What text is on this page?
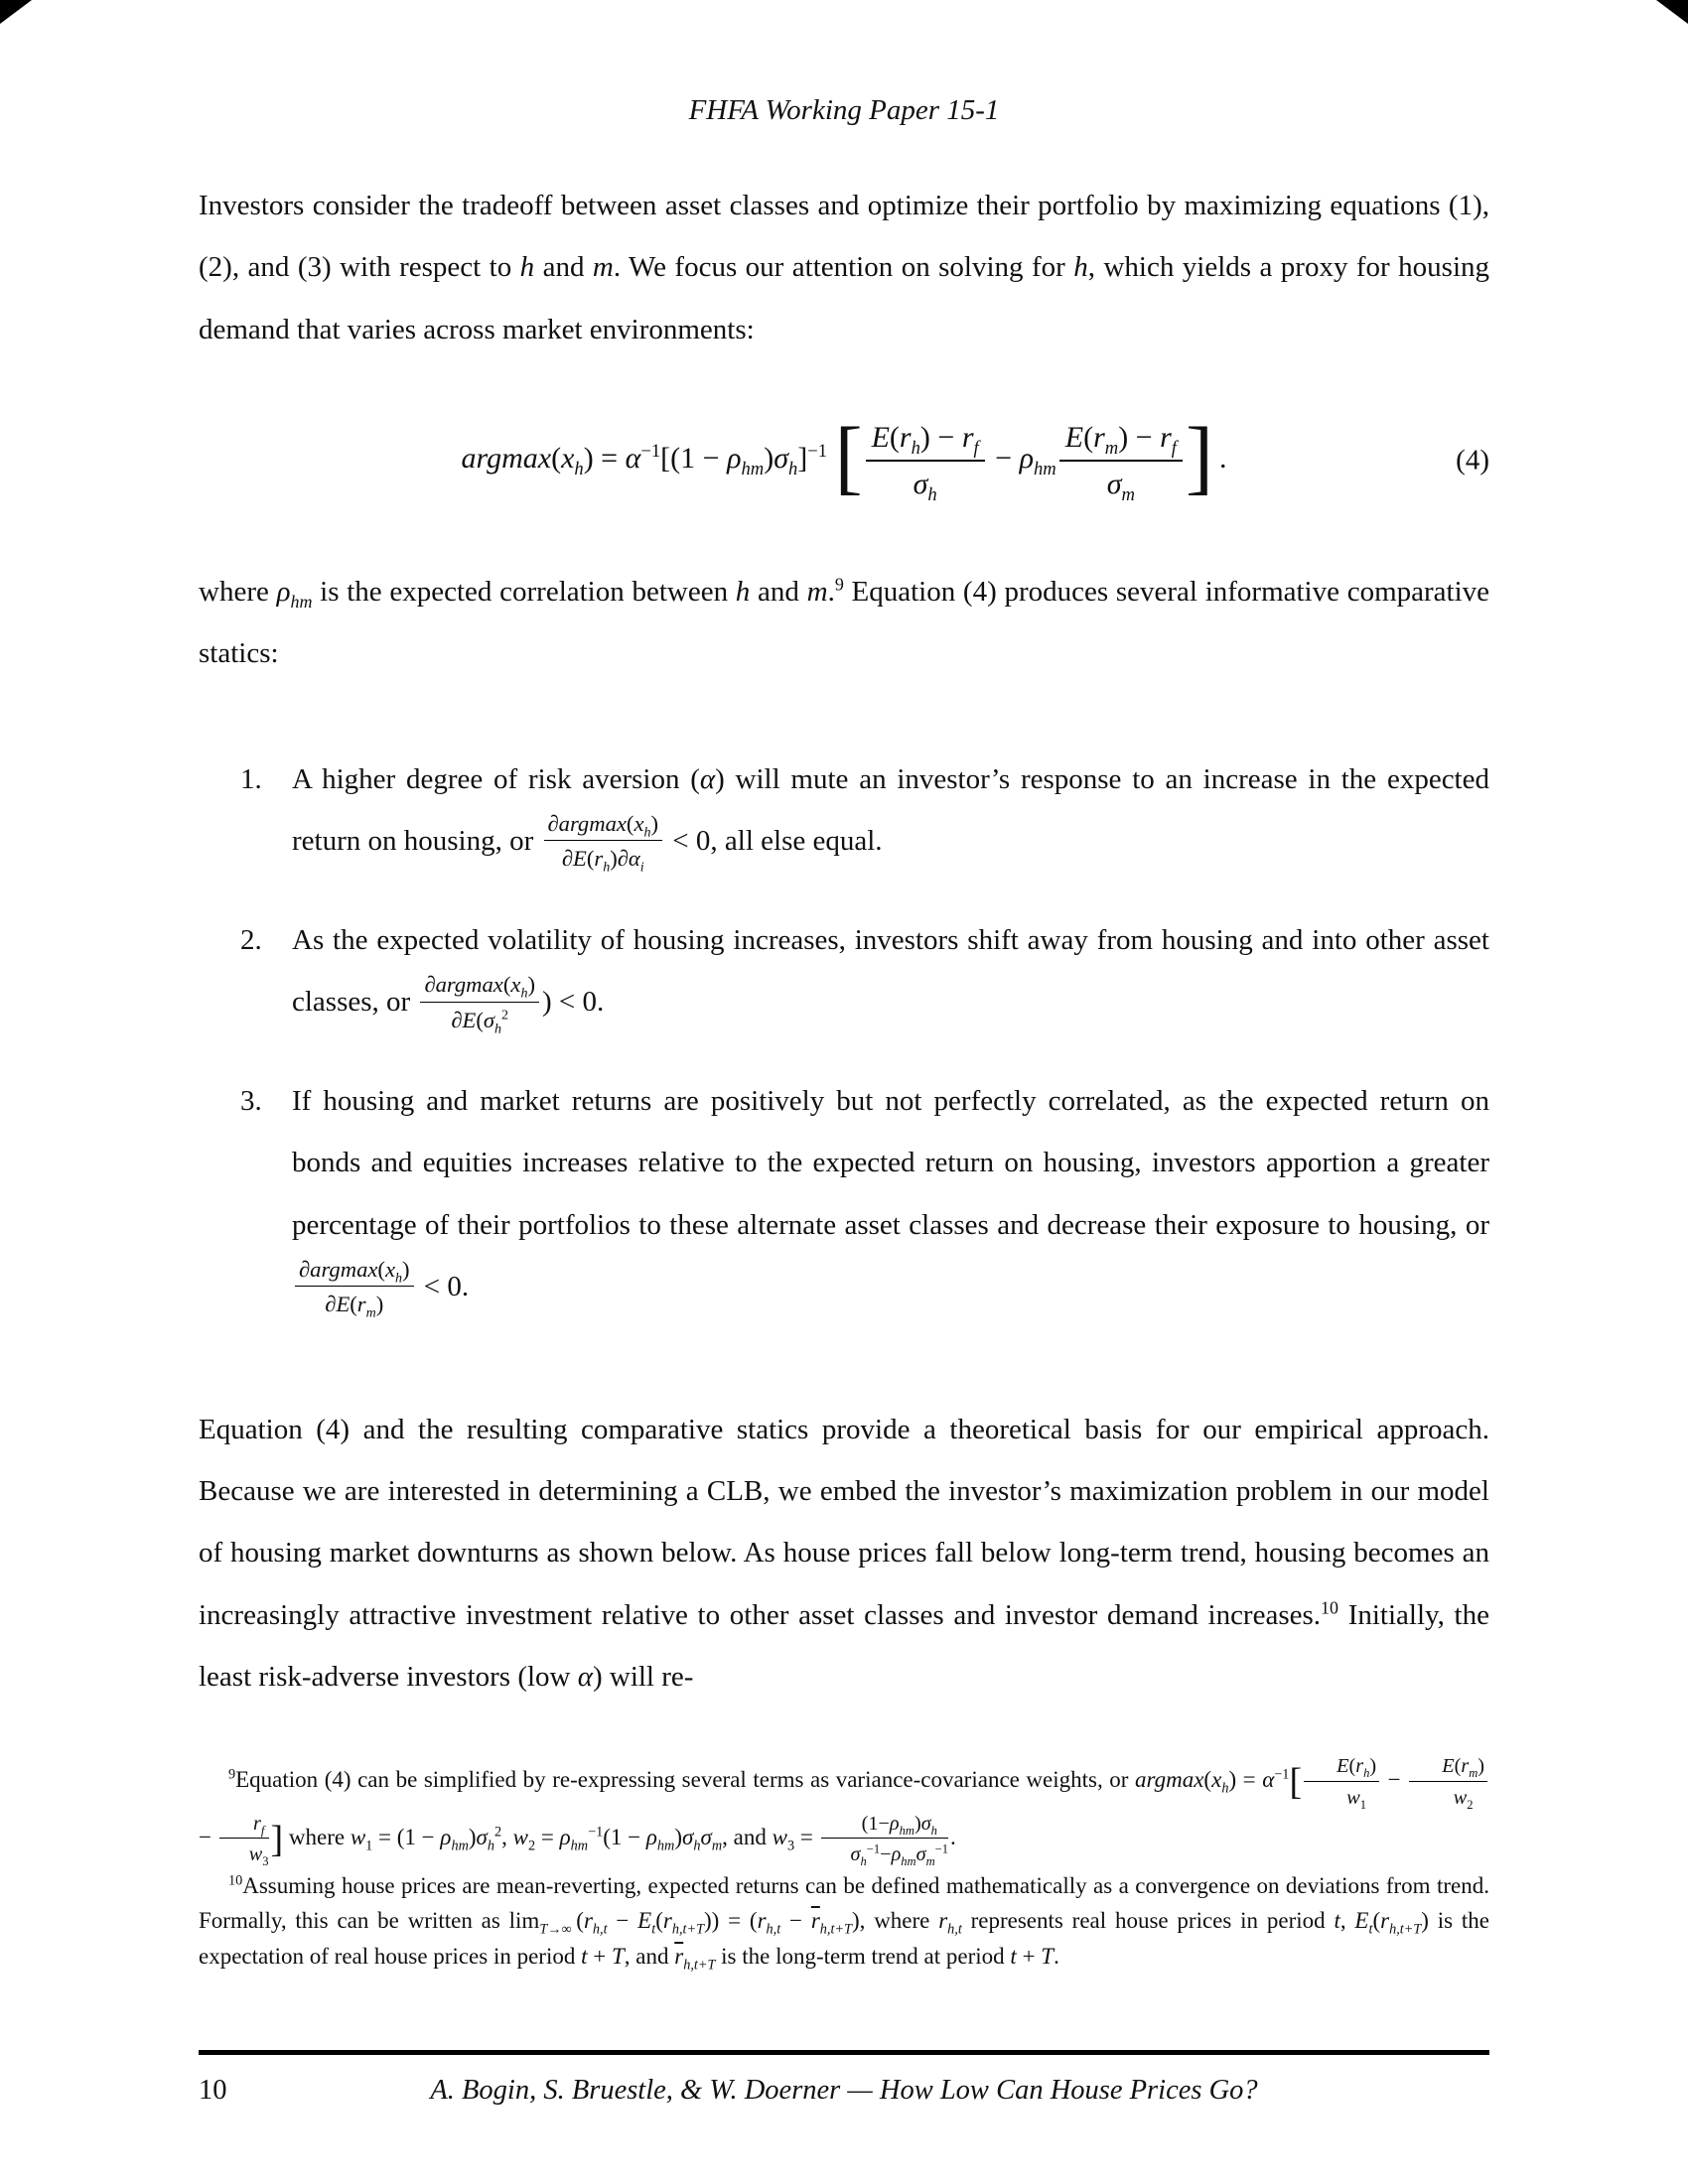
FHFA Working Paper 15-1

Investors consider the tradeoff between asset classes and optimize their portfolio by maximizing equations (1), (2), and (3) with respect to h and m. We focus our attention on solving for h, which yields a proxy for housing demand that varies across market environments:

$argmax(x_h) = \alpha^{-1}[(1 - \rho_{hm})\sigma_h]^{-1}$ [ $\frac{E(r_h) - r_f}{\sigma_h} - \rho_{hm} \frac{E(r_m) - r_f}{\sigma_m}$ ] .	(4)

where $\rho_{hm}$ is the expected correlation between h and m.$^9$ Equation (4) produces several informative comparative statics:

1.	A higher degree of risk aversion (α) will mute an investor’s response to an increase in the expected return on housing, or $\frac{\partial argmax(x_h)}{\partial E(r_h)\partial\alpha_i} < 0$, all else equal.
2.	As the expected volatility of housing increases, investors shift away from housing and into other asset classes, or $\frac{\partial argmax(x_h)}{\partial E(\sigma_h^2}$ ) < 0.
3.	If housing and market returns are positively but not perfectly correlated, as the expected return on bonds and equities increases relative to the expected return on housing, investors apportion a greater percentage of their portfolios to these alternate asset classes and decrease their exposure to housing, or
$\frac{\partial argmax(x_h)}{\partial E(r_m)} < 0$.

Equation (4) and the resulting comparative statics provide a theoretical basis for our empirical approach. Because we are interested in determining a CLB, we embed the investor’s maximization problem in our model of housing market downturns as shown below. As house prices fall below long-term trend, housing becomes an increasingly attractive investment relative to other asset classes and investor demand increases.$^{10}$ Initially, the least risk-adverse investors (low α) will re-

$^9$Equation (4) can be simplified by re-expressing several terms as variance-covariance weights, or $argmax(x_h) = \alpha^{-1}[ \frac{E(r_h)}{w_1} - \frac{E(r_m)}{w_2}$
− $\frac{r_f}{w_3}$ ] where $w_1 = (1 - \rho_{hm})\sigma_h^2$, $w_2 = \rho_{hm}^{-1}(1 - \rho_{hm})\sigma_h\sigma_m$, and $w_3 = \frac{(1-\rho_{hm})\sigma_h}{\sigma_h^{-1}-\rho_{hm}\sigma_m^{-1}}$ .

$^{10}$Assuming house prices are mean-reverting, expected returns can be defined mathematically as a convergence on deviations from trend. Formally, this can be written as $\lim_{T\to\infty} (r_{h,t} - E_t(r_{h,t+T})) = (r_{h,t} - \overline{r}_{h,t+T})$, where $r_{h,t}$ represents real house prices in period t, $E_t(r_{h,t+T})$ is the expectation of real house prices in period t + T, and $\overline{r}_{h,t+T}$ is the long-term trend at period t + T.

10	A. Bogin, S. Bruestle, & W. Doerner — How Low Can House Prices Go?
